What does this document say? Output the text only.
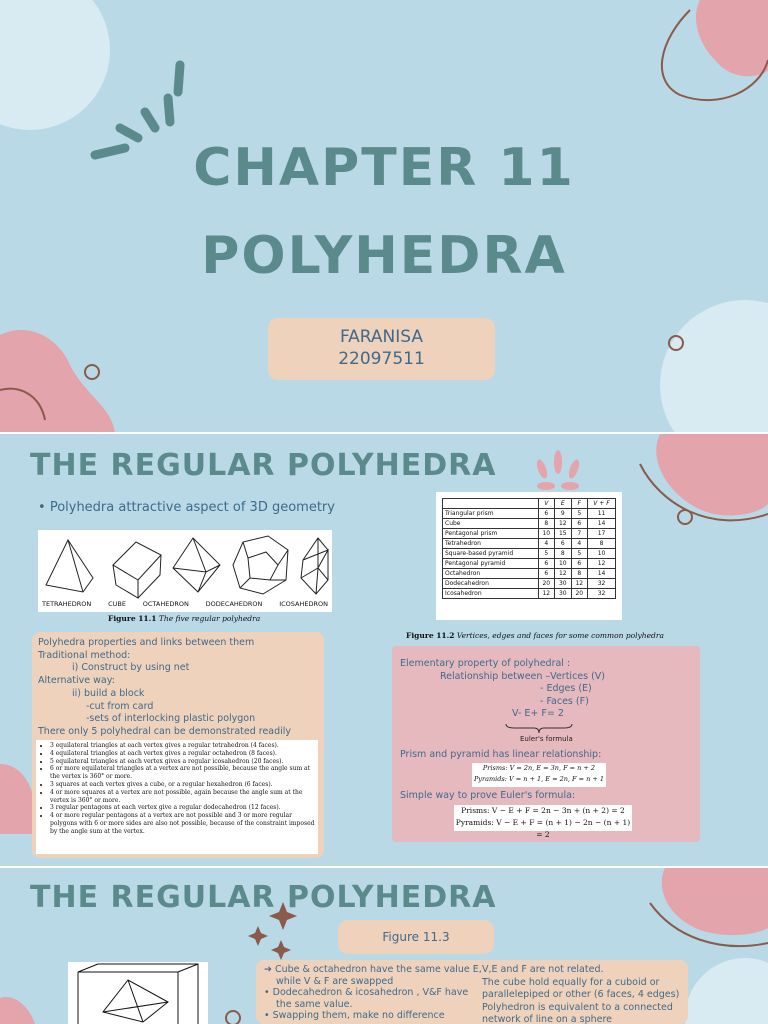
CHAPTER 11
POLYHEDRA
FARANISA
22097511
THE REGULAR POLYHEDRA
• Polyhedra attractive aspect of 3D geometry
TETRAHEDRON	CUBE	OCTAHEDRON	DODECAHEDRON	ICOSAHEDRON
Figure 11.1 The five regular polyhedra
	V	E	F	V + F
Triangular prism	6	9	5	11
Cube	8	12	6	14
Pentagonal prism	10	15	7	17
Tetrahedron	4	6	4	8
Square-based pyramid	5	8	5	10
Pentagonal pyramid	6	10	6	12
Octahedron	6	12	8	14
Dodecahedron	20	30	12	32
Icosahedron	12	30	20	32
Figure 11.2 Vertices, edges and faces for some common polyhedra
Polyhedra properties and links between them
Traditional method:
i) Construct by using net
Alternative way:
ii) build a block
-cut from card
-sets of interlocking plastic polygon
There only 5 polyhedral can be demonstrated readily
• 3 equilateral triangles at each vertex gives a regular tetrahedron (4 faces).
• 4 equilateral triangles at each vertex gives a regular octahedron (8 faces).
• 5 equilateral triangles at each vertex gives a regular icosahedron (20 faces).
• 6 or more equilateral triangles at a vertex are not possible, because the angle sum at the vertex is 360° or more.
• 3 squares at each vertex gives a cube, or a regular hexahedron (6 faces).
• 4 or more squares at a vertex are not possible, again because the angle sum at the vertex is 360° or more.
• 3 regular pentagons at each vertex give a regular dodecahedron (12 faces).
• 4 or more regular pentagons at a vertex are not possible and 3 or more regular polygons with 6 or more sides are also not possible, because of the constraint imposed by the angle sum at the vertex.
Elementary property of polyhedral :
Relationship between –Vertices (V)
- Edges (E)
- Faces (F)
V- E+ F= 2
Euler's formula
Prism and pyramid has linear relationship:
Prisms: V = 2n, E = 3n, F = n + 2
Pyramids: V = n + 1, E = 2n, F = n + 1
Simple way to prove Euler's formula:
Prisms: V − E + F = 2n − 3n + (n + 2) = 2
Pyramids: V − E + F = (n + 1) − 2n − (n + 1) = 2
THE REGULAR POLYHEDRA
Figure 11.3
➔ Cube & octahedron have the same value E, while V & F are swapped
• Dodecahedron & icosahedron , V&F have the same value.
• Swapping them, make no difference
V,E and F are not related.
The cube hold equally for a cuboid or
parallelepiped or other (6 faces, 4 edges)
Polyhedron is equivalent to a connected
network of line on a sphere
